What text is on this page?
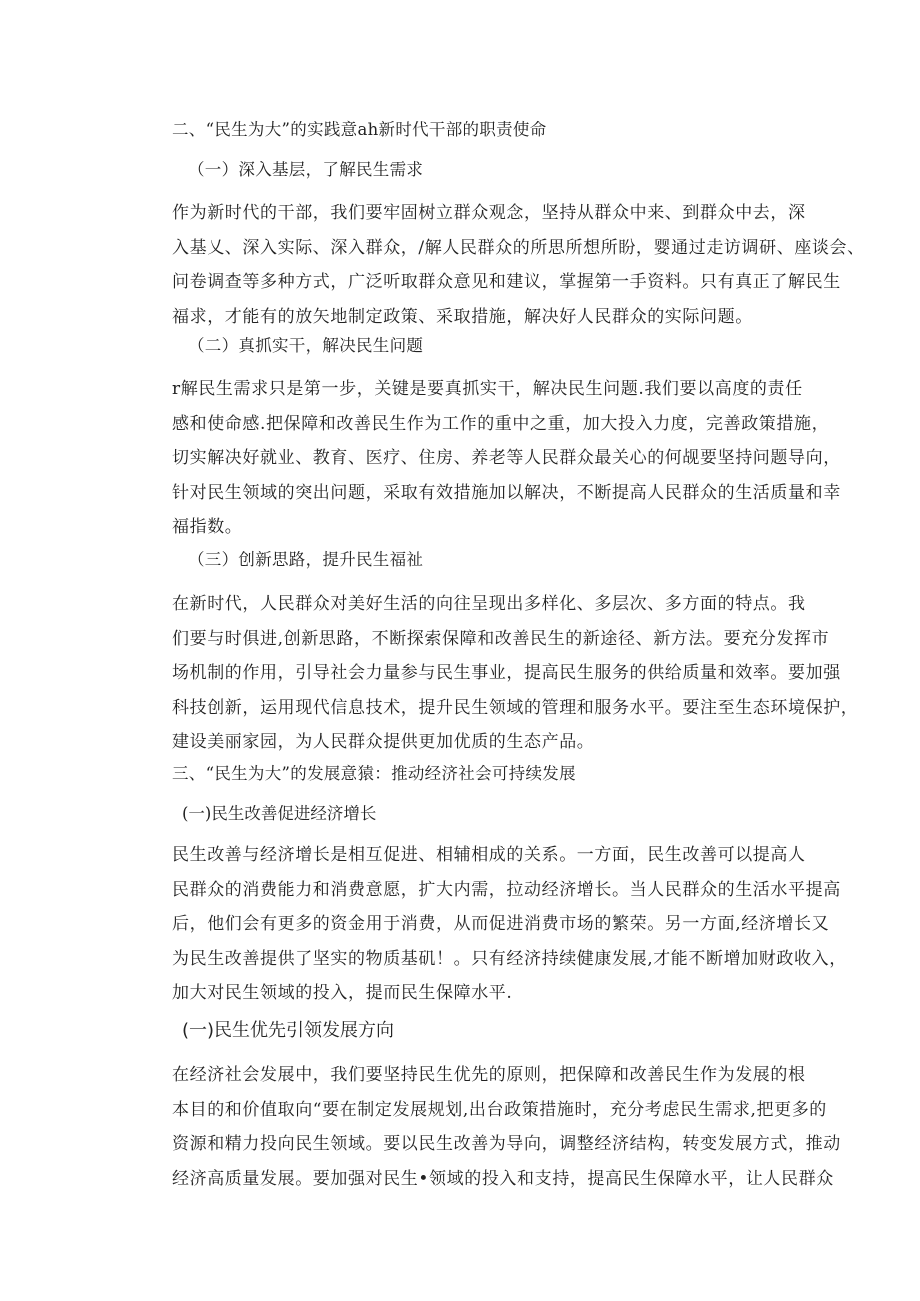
二、“民生为大”的实践意ah新时代干部的职责使命
（一）深入基层，了解民生需求
作为新时代的干部，我们要牢固树立群众观念，坚持从群众中来、到群众中去，深
入基乂、深入实际、深入群众，/解人民群众的所思所想所盼，婴通过走访调研、座谈会、
问卷调查等多种方式，广泛听取群众意见和建议，掌握第一手资料。只有真正了解民生
福求，才能有的放矢地制定政策、采取措施，解决好人民群众的实际问题。
（二）真抓实干，解决民生问题
r解民生需求只是第一步，关键是要真抓实干，解决民生问题.我们要以高度的责任
感和使命感.把保障和改善民生作为工作的重中之重，加大投入力度，完善政策措施，
切实解决好就业、教育、医疗、住房、养老等人民群众最关心的何觇要坚持问题导向，
针对民生领域的突出问题，采取有效措施加以解决，不断提高人民群众的生活质量和幸
福指数。
（三）创新思路，提升民生福祉
在新时代，人民群众对美好生活的向往呈现出多样化、多层次、多方面的特点。我
们要与时俱进,创新思路，不断探索保障和改善民生的新途径、新方法。要充分发挥市
场机制的作用，引导社会力量参与民生事业，提高民生服务的供给质量和效率。要加强
科技创新，运用现代信息技术，提升民生领域的管理和服务水平。要注至生态环境保护，
建设美丽家园，为人民群众提供更加优质的生态产品。
三、“民生为大”的发展意猿：推动经济社会可持续发展
(一)民生改善促进经济增长
民生改善与经济增长是相互促进、相辅相成的关系。一方面，民生改善可以提高人
民群众的消费能力和消费意愿，扩大内需，拉动经济增长。当人民群众的生活水平提高
后，他们会有更多的资金用于消费，从而促进消费市场的繁荣。另一方面,经济增长又
为民生改善提供了坚实的物质基矶！。只有经济持续健康发展,才能不断增加财政收入，
加大对民生领域的投入，提而民生保障水平.
(一)民生优先引领发展方向
在经济社会发展中，我们要坚持民生优先的原则，把保障和改善民生作为发展的根
本目的和价值取向“要在制定发展规划,出台政策措施时，充分考虑民生需求,把更多的
资源和精力投向民生领域。要以民生改善为导向，调整经济结构，转变发展方式，推动
经济高质量发展。要加强对民生•领域的投入和支持，提高民生保障水平，让人民群众
